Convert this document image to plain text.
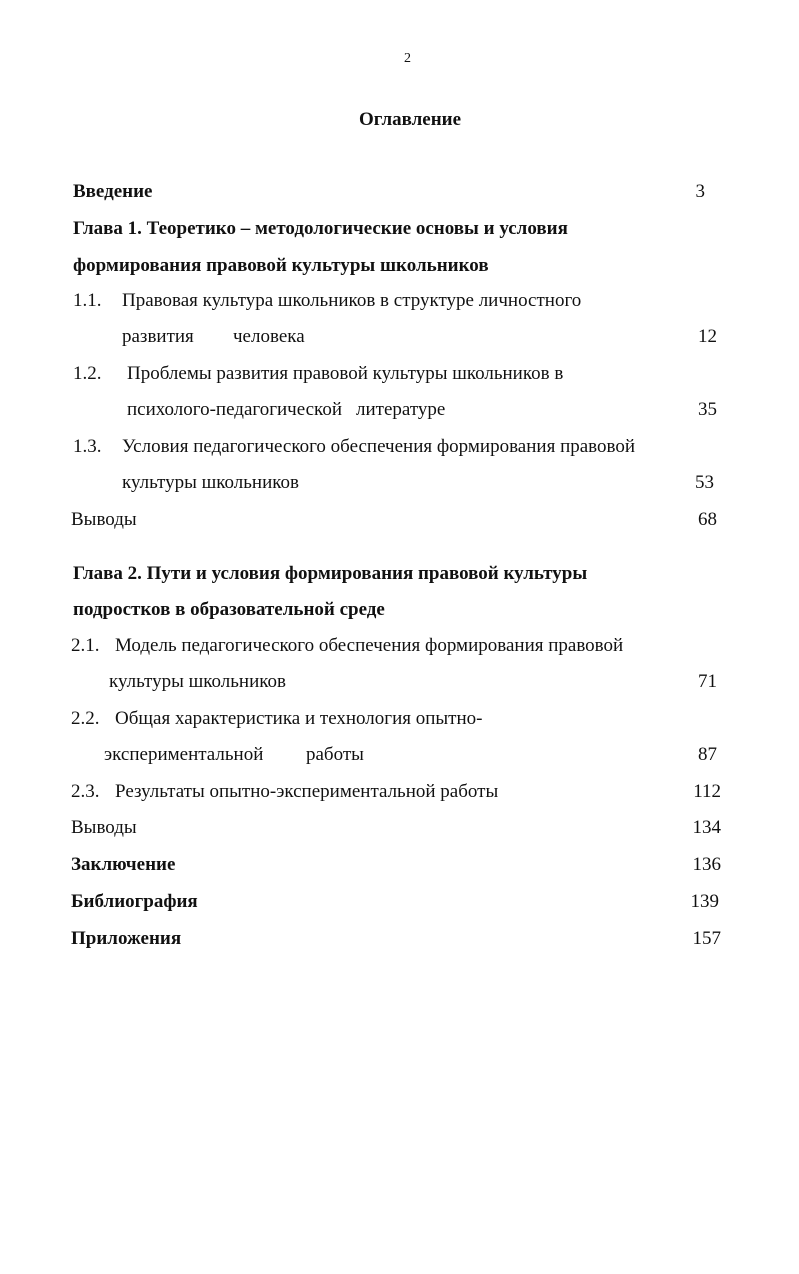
2
Оглавление
Введение	3
Глава 1. Теоретико – методологические основы и условия
формирования правовой культуры школьников
1.1. Правовая культура школьников в структуре личностного
развития человека	12
1.2. Проблемы развития правовой культуры школьников в
психолого-педагогической литературе	35
1.3. Условия педагогического обеспечения формирования правовой
культуры школьников	53
Выводы	68
Глава 2. Пути и условия формирования правовой культуры
подростков в образовательной среде
2.1. Модель педагогического обеспечения формирования правовой
культуры школьников	71
2.2. Общая характеристика и технология опытно-
экспериментальной работы	87
2.3. Результаты опытно-экспериментальной работы	112
Выводы	134
Заключение	136
Библиография	139
Приложения	157
